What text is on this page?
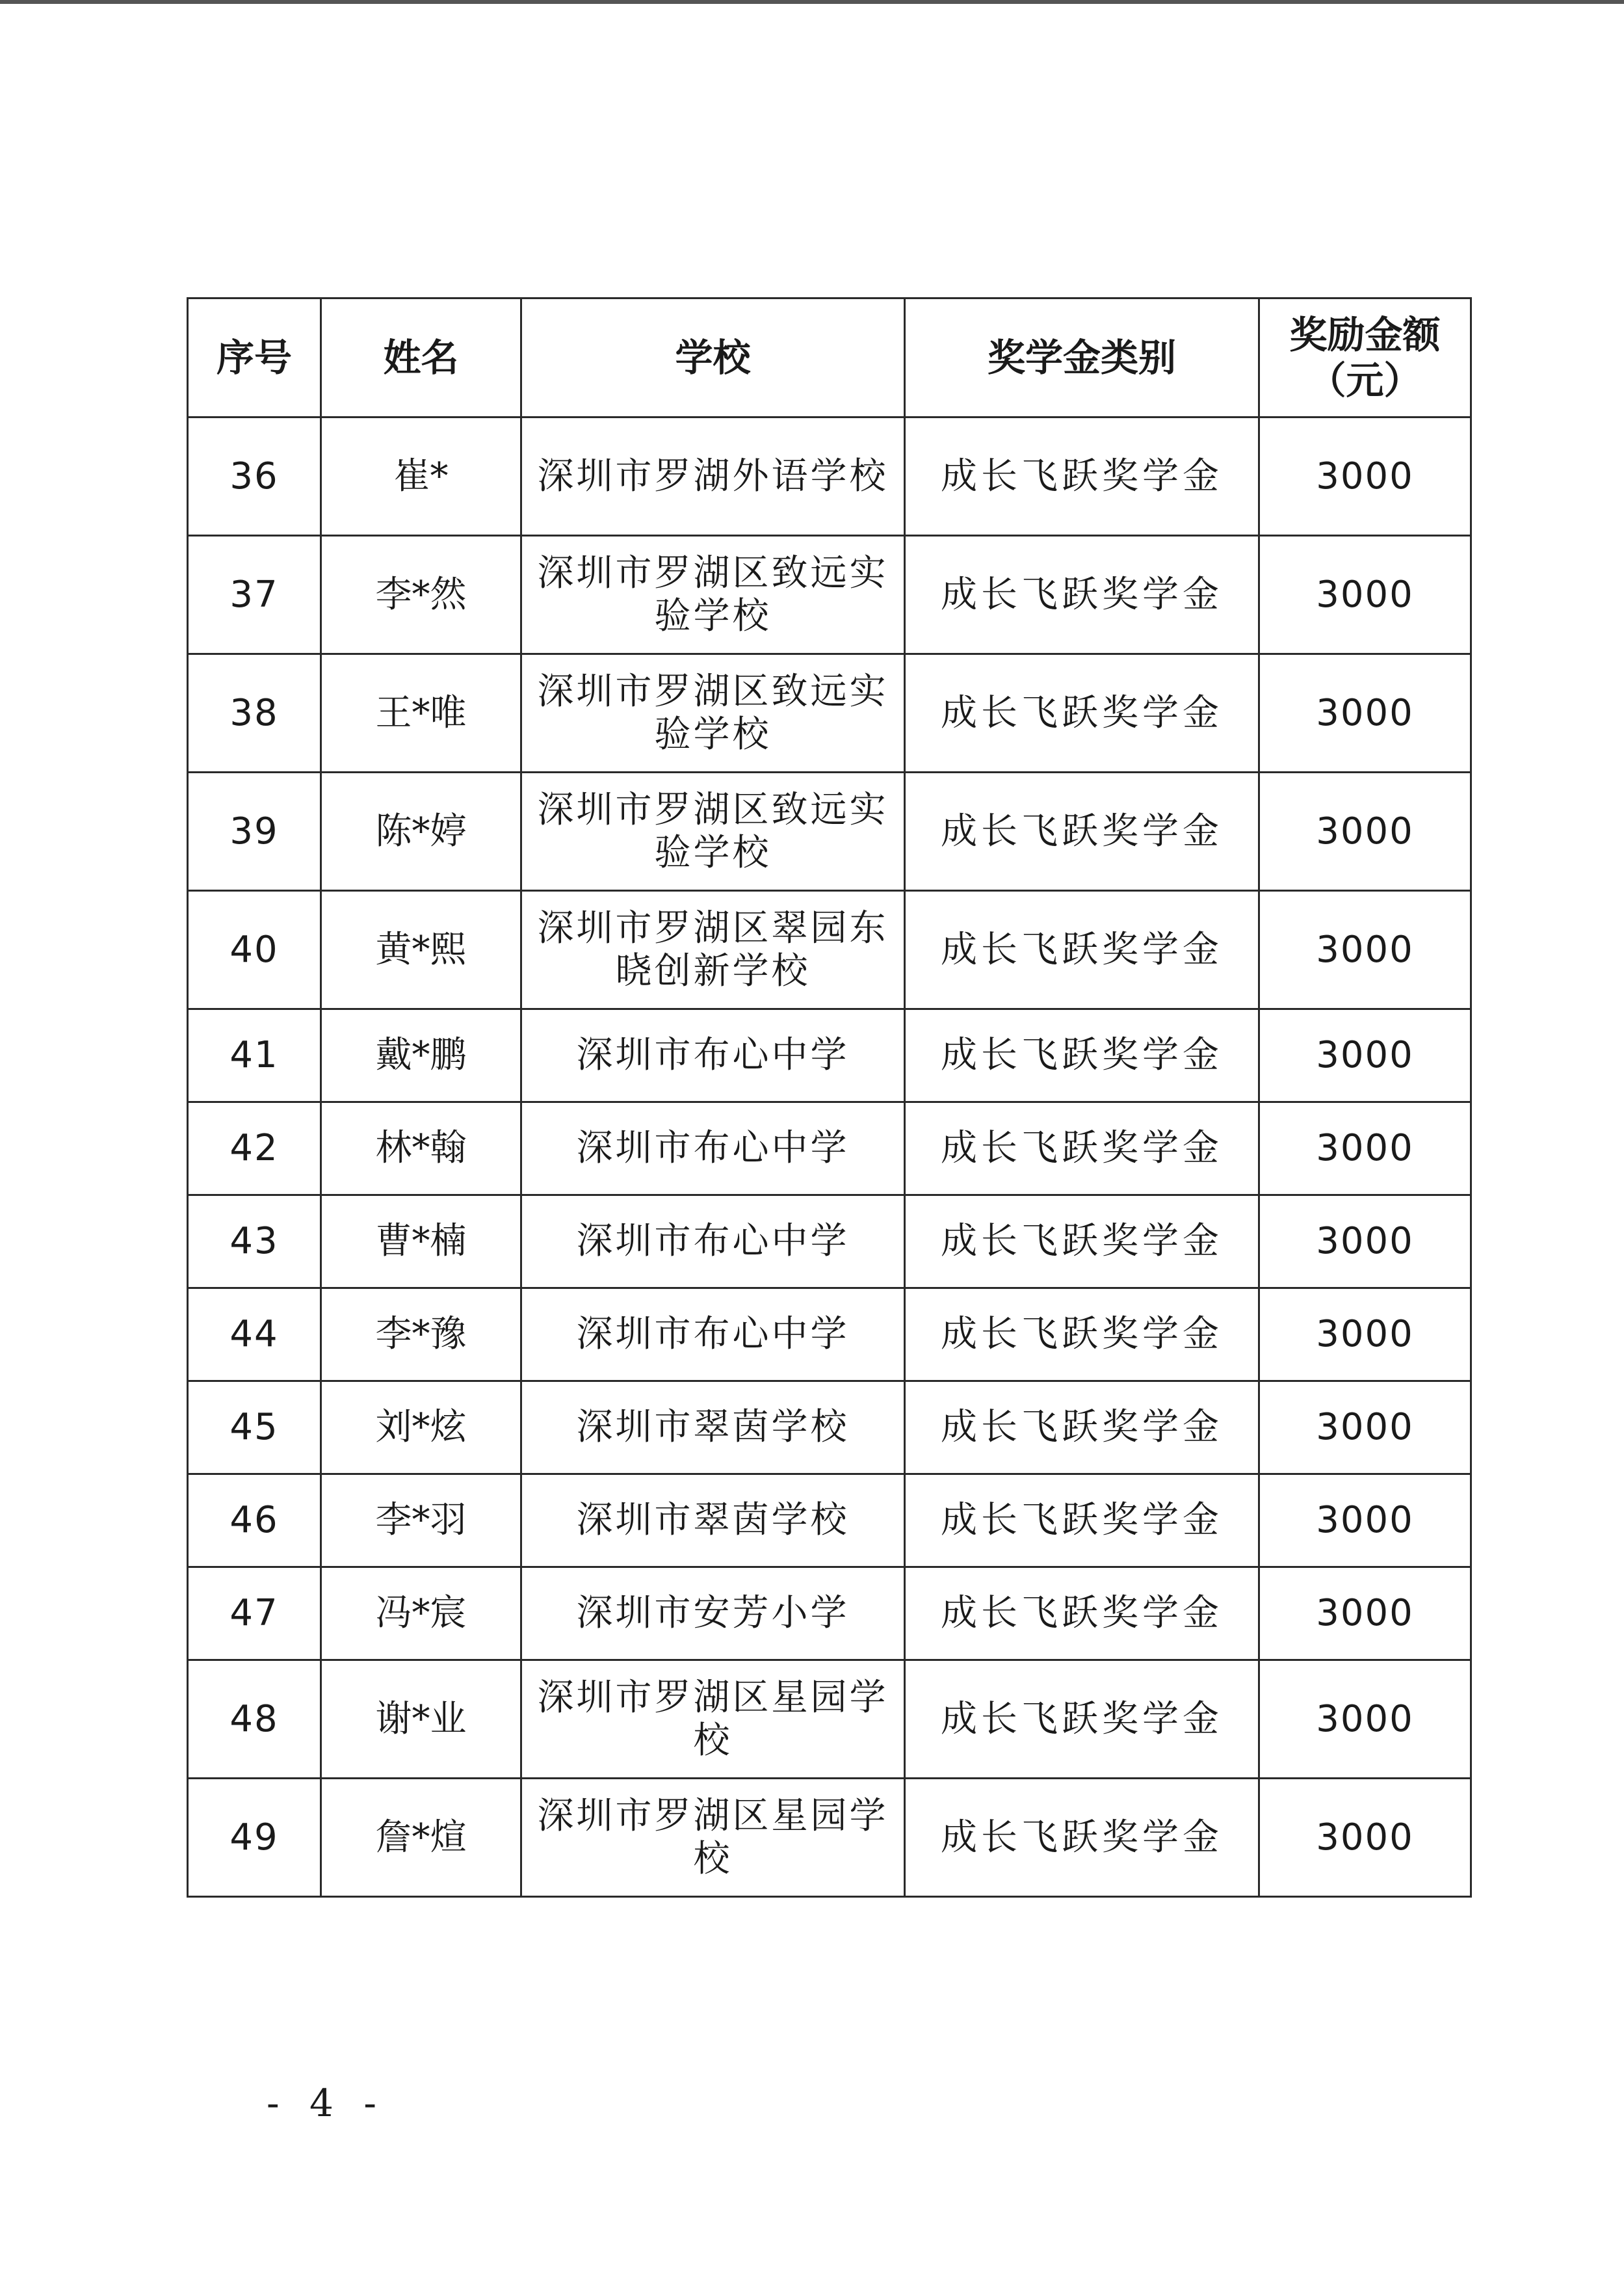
序号	姓名	学校	奖学金类别	奖励金额（元）
36	崔*	深圳市罗湖外语学校	成长飞跃奖学金	3000
37	李*然	深圳市罗湖区致远实验学校	成长飞跃奖学金	3000
38	王*唯	深圳市罗湖区致远实验学校	成长飞跃奖学金	3000
39	陈*婷	深圳市罗湖区致远实验学校	成长飞跃奖学金	3000
40	黄*熙	深圳市罗湖区翠园东晓创新学校	成长飞跃奖学金	3000
41	戴*鹏	深圳市布心中学	成长飞跃奖学金	3000
42	林*翰	深圳市布心中学	成长飞跃奖学金	3000
43	曹*楠	深圳市布心中学	成长飞跃奖学金	3000
44	李*豫	深圳市布心中学	成长飞跃奖学金	3000
45	刘*炫	深圳市翠茵学校	成长飞跃奖学金	3000
46	李*羽	深圳市翠茵学校	成长飞跃奖学金	3000
47	冯*宸	深圳市安芳小学	成长飞跃奖学金	3000
48	谢*业	深圳市罗湖区星园学校	成长飞跃奖学金	3000
49	詹*煊	深圳市罗湖区星园学校	成长飞跃奖学金	3000
- 4 -
